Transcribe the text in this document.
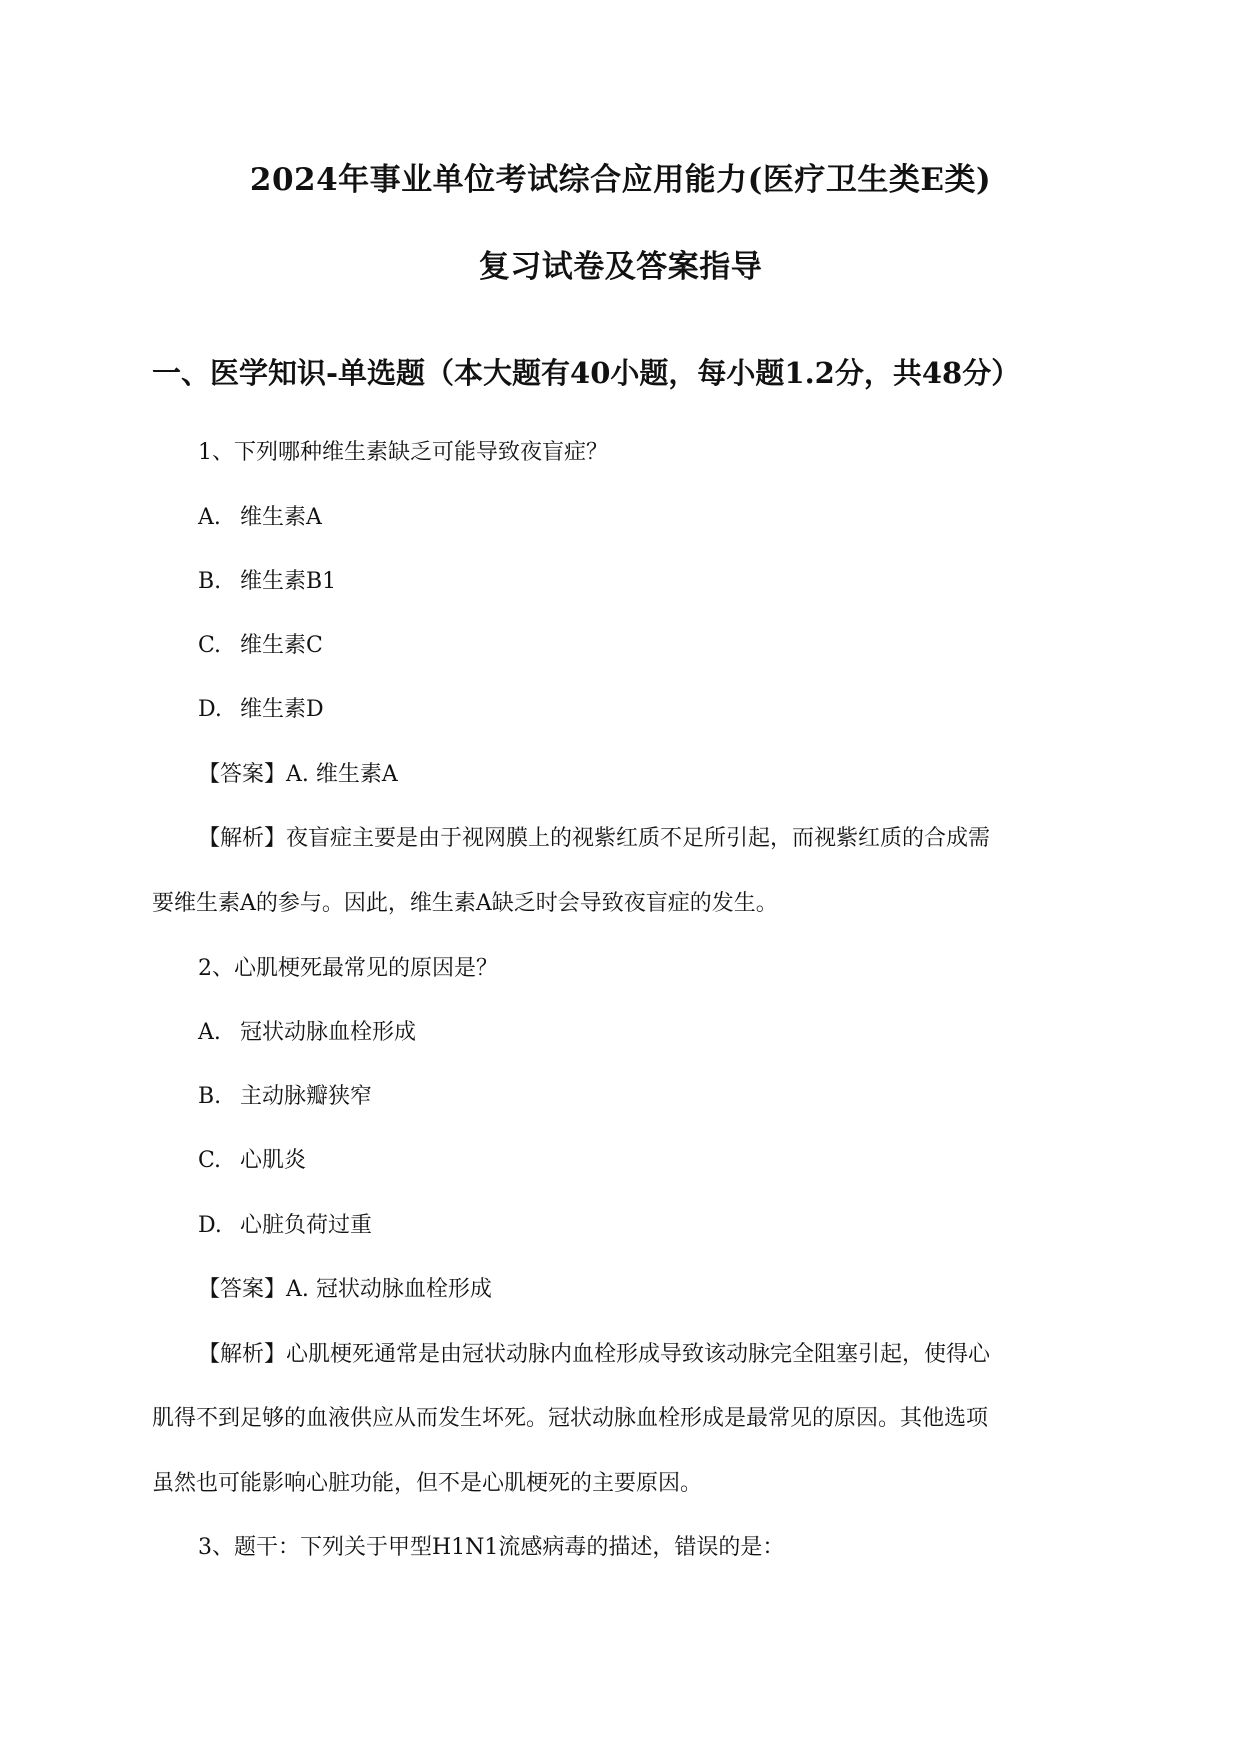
2024年事业单位考试综合应用能力(医疗卫生类E类)
复习试卷及答案指导
一、医学知识-单选题（本大题有40小题，每小题1.2分，共48分）
1、下列哪种维生素缺乏可能导致夜盲症？
A. 维生素A
B. 维生素B1
C. 维生素C
D. 维生素D
【答案】A. 维生素A
【解析】夜盲症主要是由于视网膜上的视紫红质不足所引起，而视紫红质的合成需
要维生素A的参与。因此，维生素A缺乏时会导致夜盲症的发生。
2、心肌梗死最常见的原因是？
A. 冠状动脉血栓形成
B. 主动脉瓣狭窄
C. 心肌炎
D. 心脏负荷过重
【答案】A. 冠状动脉血栓形成
【解析】心肌梗死通常是由冠状动脉内血栓形成导致该动脉完全阻塞引起，使得心
肌得不到足够的血液供应从而发生坏死。冠状动脉血栓形成是最常见的原因。其他选项
虽然也可能影响心脏功能，但不是心肌梗死的主要原因。
3、题干：下列关于甲型H1N1流感病毒的描述，错误的是：
